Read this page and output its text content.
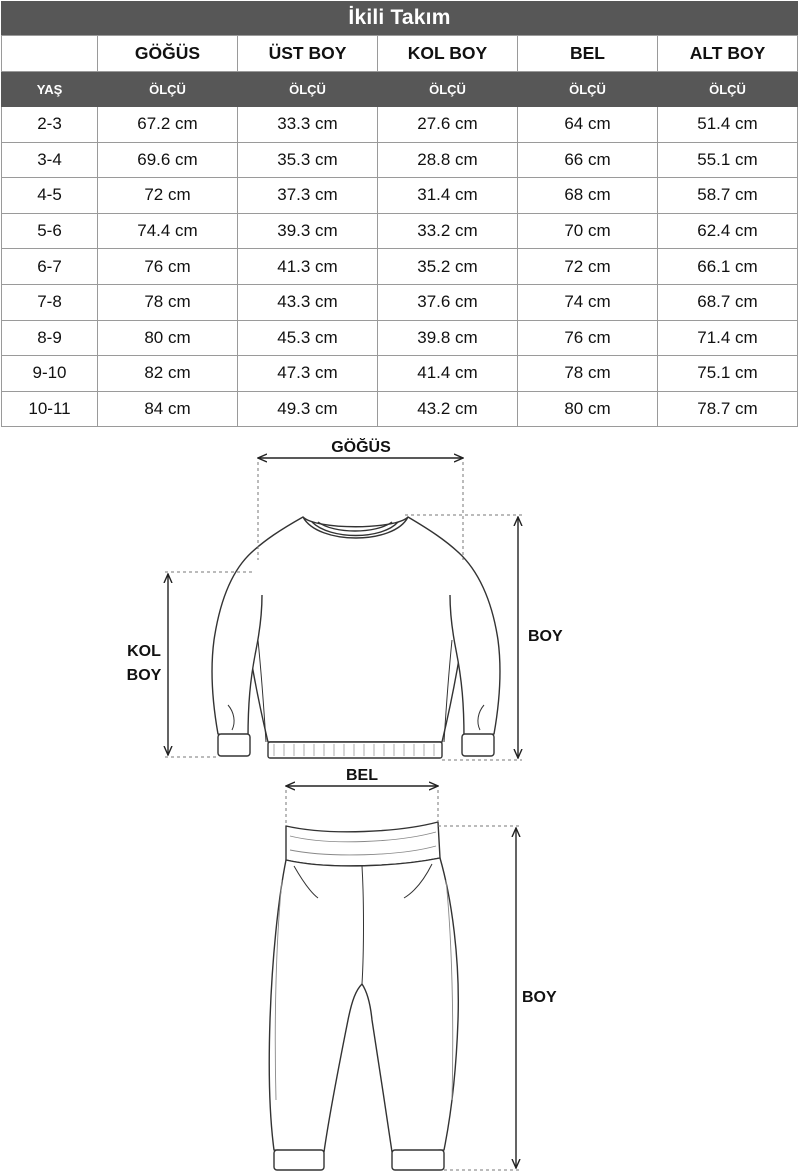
İkili Takım
	GÖĞÜS	ÜST BOY	KOL BOY	BEL	ALT BOY
YAŞ	ÖLÇÜ	ÖLÇÜ	ÖLÇÜ	ÖLÇÜ	ÖLÇÜ
2-3	67.2 cm	33.3 cm	27.6 cm	64 cm	51.4 cm
3-4	69.6 cm	35.3 cm	28.8 cm	66 cm	55.1 cm
4-5	72 cm	37.3 cm	31.4 cm	68 cm	58.7 cm
5-6	74.4 cm	39.3 cm	33.2 cm	70 cm	62.4 cm
6-7	76 cm	41.3 cm	35.2 cm	72 cm	66.1 cm
7-8	78 cm	43.3 cm	37.6 cm	74 cm	68.7 cm
8-9	80 cm	45.3 cm	39.8 cm	76 cm	71.4 cm
9-10	82 cm	47.3 cm	41.4 cm	78 cm	75.1 cm
10-11	84 cm	49.3 cm	43.2 cm	80 cm	78.7 cm
GÖĞÜS
KOL
BOY
BOY
BEL
BOY
